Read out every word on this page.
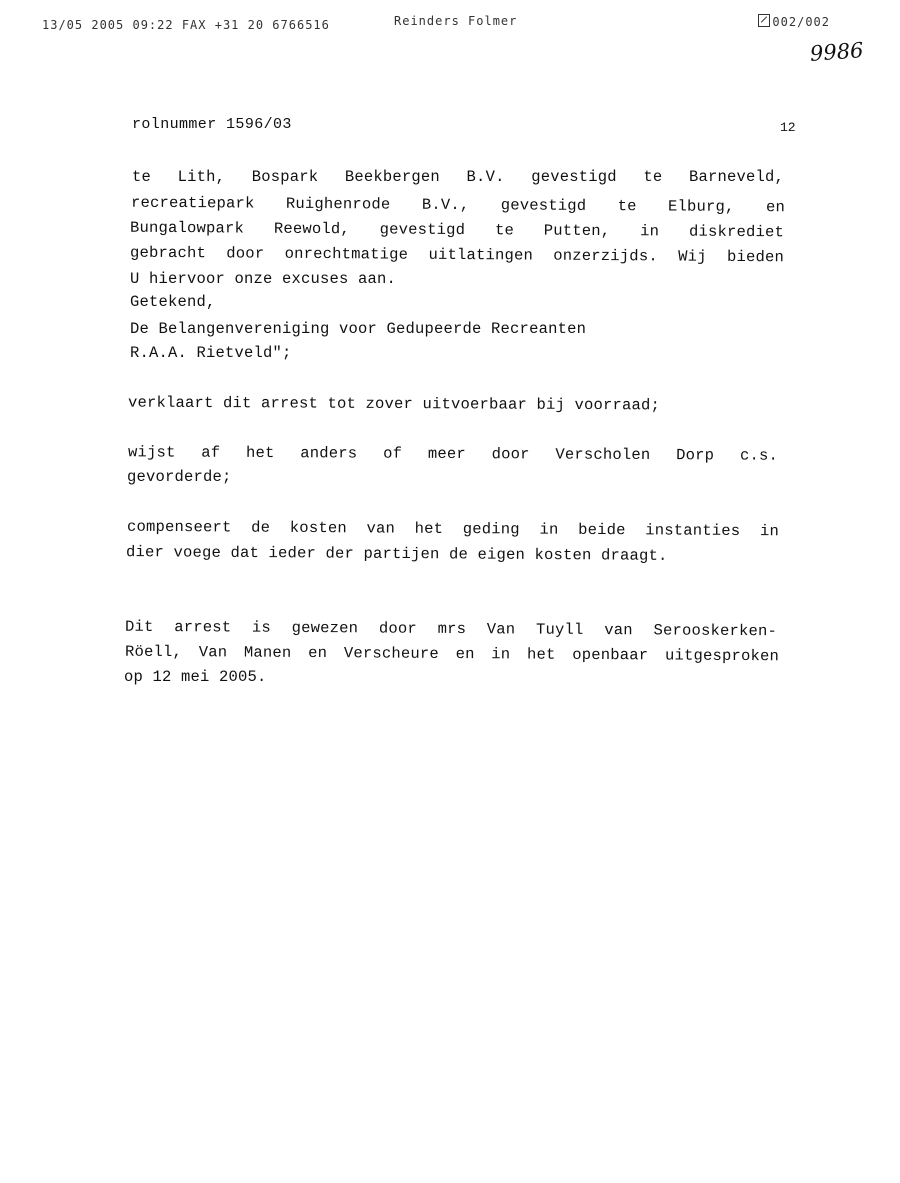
13/05 2005 09:22 FAX +31 20 6766516	Reinders Folmer	002/002
9986
rolnummer 1596/03	12
te Lith, Bospark Beekbergen B.V. gevestigd te Barneveld,
recreatiepark Ruighenrode B.V., gevestigd te Elburg, en
Bungalowpark Reewold, gevestigd te Putten, in diskrediet
gebracht door onrechtmatige uitlatingen onzerzijds. Wij bieden
U hiervoor onze excuses aan.
Getekend,
De Belangenvereniging voor Gedupeerde Recreanten
R.A.A. Rietveld";
verklaart dit arrest tot zover uitvoerbaar bij voorraad;
wijst af het anders of meer door Verscholen Dorp c.s.
gevorderde;
compenseert de kosten van het geding in beide instanties in
dier voege dat ieder der partijen de eigen kosten draagt.
Dit arrest is gewezen door mrs Van Tuyll van Serooskerken-
Röell, Van Manen en Verscheure en in het openbaar uitgesproken
op 12 mei 2005.
